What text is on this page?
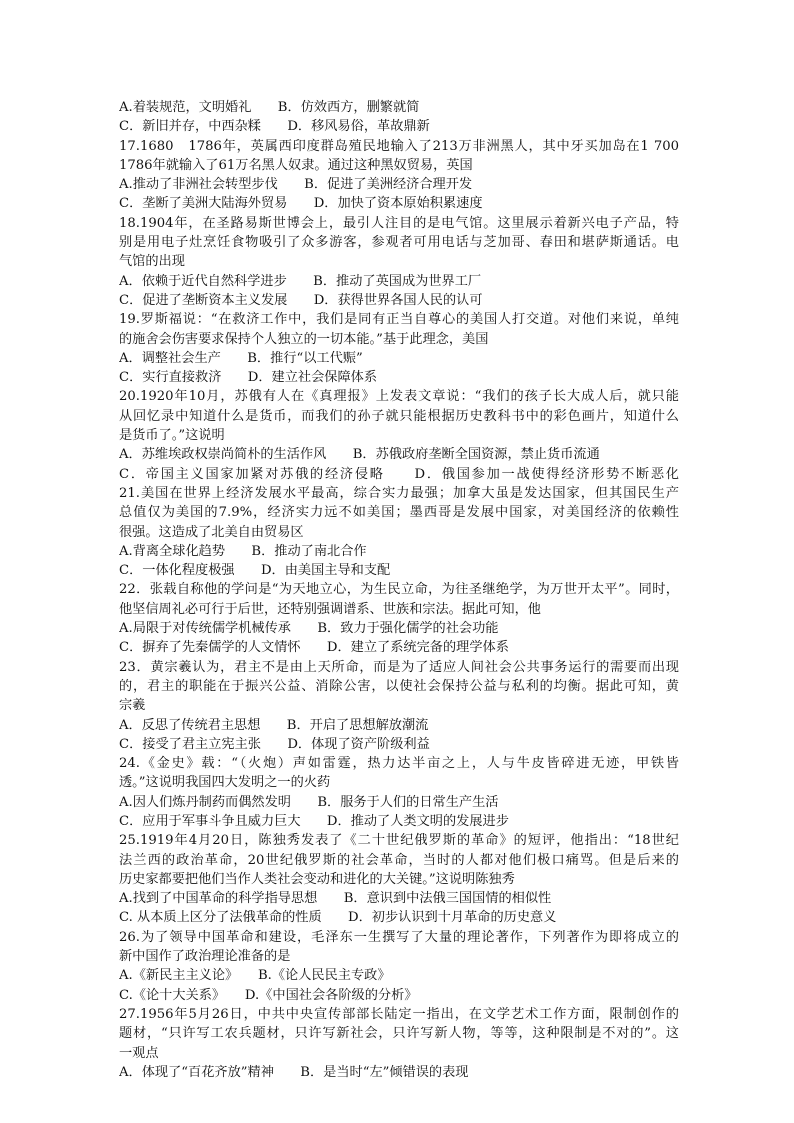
A.着装规范，文明婚礼　　B．仿效西方，删繁就简
C．新旧并存，中西杂糅　　D．移风易俗，革故鼎新
17.1680　1786年，英属西印度群岛殖民地输入了213万非洲黑人，其中牙买加岛在1 700
1786年就输入了61万名黑人奴隶。通过这种黑奴贸易，英国
A.推动了非洲社会转型步伐　　B．促进了美洲经济合理开发
C．垄断了美洲大陆海外贸易　　D．加快了资本原始积累速度
18.1904年，在圣路易斯世博会上，最引人注目的是电气馆。这里展示着新兴电子产品，特
别是用电子灶烹饪食物吸引了众多游客，参观者可用电话与芝加哥、春田和堪萨斯通话。电
气馆的出现
A．依赖于近代自然科学进步　　B．推动了英国成为世界工厂
C．促进了垄断资本主义发展　　D．获得世界各国人民的认可
19.罗斯福说：“在救济工作中，我们是同有正当自尊心的美国人打交道。对他们来说，单纯
的施舍会伤害要求保持个人独立的一切本能。”基于此理念，美国
A．调整社会生产　　B．推行“以工代赈”
C．实行直接救济　　D．建立社会保障体系
20.1920年10月，苏俄有人在《真理报》上发表文章说：“我们的孩子长大成人后，就只能
从回忆录中知道什么是货币，而我们的孙子就只能根据历史教科书中的彩色画片，知道什么
是货币了。”这说明
A．苏维埃政权崇尚简朴的生活作风　　B．苏俄政府垄断全国资源，禁止货币流通
C．帝国主义国家加紧对苏俄的经济侵略　　D．俄国参加一战使得经济形势不断恶化
21.美国在世界上经济发展水平最高，综合实力最强；加拿大虽是发达国家，但其国民生产
总值仅为美国的7.9%，经济实力远不如美国；墨西哥是发展中国家，对美国经济的依赖性
很强。这造成了北美自由贸易区
A.背离全球化趋势　　B．推动了南北合作
C．一体化程度极强　　D．由美国主导和支配
22．张载自称他的学问是“为天地立心，为生民立命，为往圣继绝学，为万世开太平”。同时，
他坚信周礼必可行于后世，还特别强调谱系、世族和宗法。据此可知，他
A.局限于对传统儒学机械传承　　B．致力于强化儒学的社会功能
C．摒弃了先秦儒学的人文情怀　　D．建立了系统完备的理学体系
23．黄宗羲认为，君主不是由上天所命，而是为了适应人间社会公共事务运行的需要而出现
的，君主的职能在于振兴公益、消除公害，以使社会保持公益与私利的均衡。据此可知，黄
宗羲
A．反思了传统君主思想　　B．开启了思想解放潮流
C．接受了君主立宪主张　　D．体现了资产阶级利益
24.《金史》载：“（火炮）声如雷霆，热力达半亩之上，人与牛皮皆碎进无迹，甲铁皆
透。”这说明我国四大发明之一的火药
A.因人们炼丹制药而偶然发明　　B．服务于人们的日常生产生活
C．应用于军事斗争且威力巨大　　D．推动了人类文明的发展进步
25.1919年4月20日，陈独秀发表了《二十世纪俄罗斯的革命》的短评，他指出：“18世纪
法兰西的政治革命，20世纪俄罗斯的社会革命，当时的人都对他们极口痛骂。但是后来的
历史家都要把他们当作人类社会变动和进化的大关键。”这说明陈独秀
A.找到了中国革命的科学指导思想　　B．意识到中法俄三国国情的相似性
C. 从本质上区分了法俄革命的性质　　D．初步认识到十月革命的历史意义
26.为了领导中国革命和建设，毛泽东一生撰写了大量的理论著作，下列著作为即将成立的
新中国作了政治理论准备的是
A.《新民主主义论》　　B.《论人民民主专政》
C.《论十大关系》　　D.《中国社会各阶级的分析》
27.1956年5月26日，中共中央宣传部部长陆定一指出，在文学艺术工作方面，限制创作的
题材，“只许写工农兵题材，只许写新社会，只许写新人物，等等，这种限制是不对的”。这
一观点
A．体现了“百花齐放”精神　　B．是当时“左”倾错误的表现
